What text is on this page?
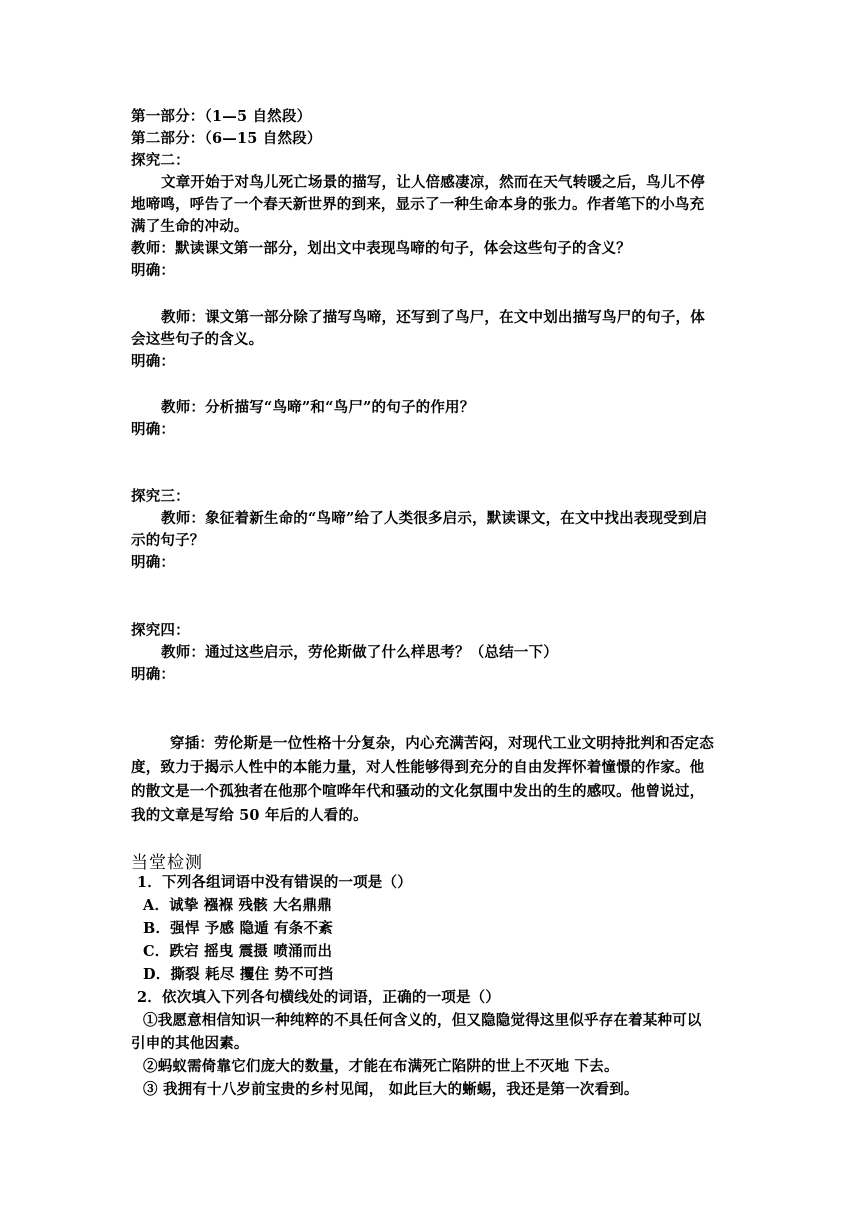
第一部分：（1—5 自然段）
第二部分：（6—15 自然段）
探究二：
文章开始于对鸟儿死亡场景的描写，让人倍感凄凉，然而在天气转暖之后，鸟儿不停
地啼鸣，呼告了一个春天新世界的到来，显示了一种生命本身的张力。作者笔下的小鸟充
满了生命的冲动。
教师：默读课文第一部分，划出文中表现鸟啼的句子，体会这些句子的含义？
明确：
教师：课文第一部分除了描写鸟啼，还写到了鸟尸，在文中划出描写鸟尸的句子，体
会这些句子的含义。
明确：
教师：分析描写“鸟啼”和“鸟尸”的句子的作用？
明确：
探究三：
教师：象征着新生命的“鸟啼”给了人类很多启示，默读课文，在文中找出表现受到启
示的句子？
明确：
探究四：
教师：通过这些启示，劳伦斯做了什么样思考？（总结一下）
明确：
穿插：劳伦斯是一位性格十分复杂，内心充满苦闷，对现代工业文明持批判和否定态
度，致力于揭示人性中的本能力量，对人性能够得到充分的自由发挥怀着憧憬的作家。他
的散文是一个孤独者在他那个喧哗年代和骚动的文化氛围中发出的生的感叹。他曾说过，
我的文章是写给 50 年后的人看的。
当堂检测
1．下列各组词语中没有错误的一项是（）
A．诚挚 襁褓 残骸 大名鼎鼎
B．强悍 予感 隐遁 有条不紊
C．跌宕 摇曳 震摄 喷涌而出
D．撕裂 耗尽 攫住 势不可挡
2．依次填入下列各句横线处的词语，正确的一项是（）
①我愿意相信知识一种纯粹的不具任何含义的，但又隐隐觉得这里似乎存在着某种可以
引申的其他因素。
②蚂蚁需倚靠它们庞大的数量，才能在布满死亡陷阱的世上不灭地 下去。
③ 我拥有十八岁前宝贵的乡村见闻， 如此巨大的蜥蜴，我还是第一次看到。
